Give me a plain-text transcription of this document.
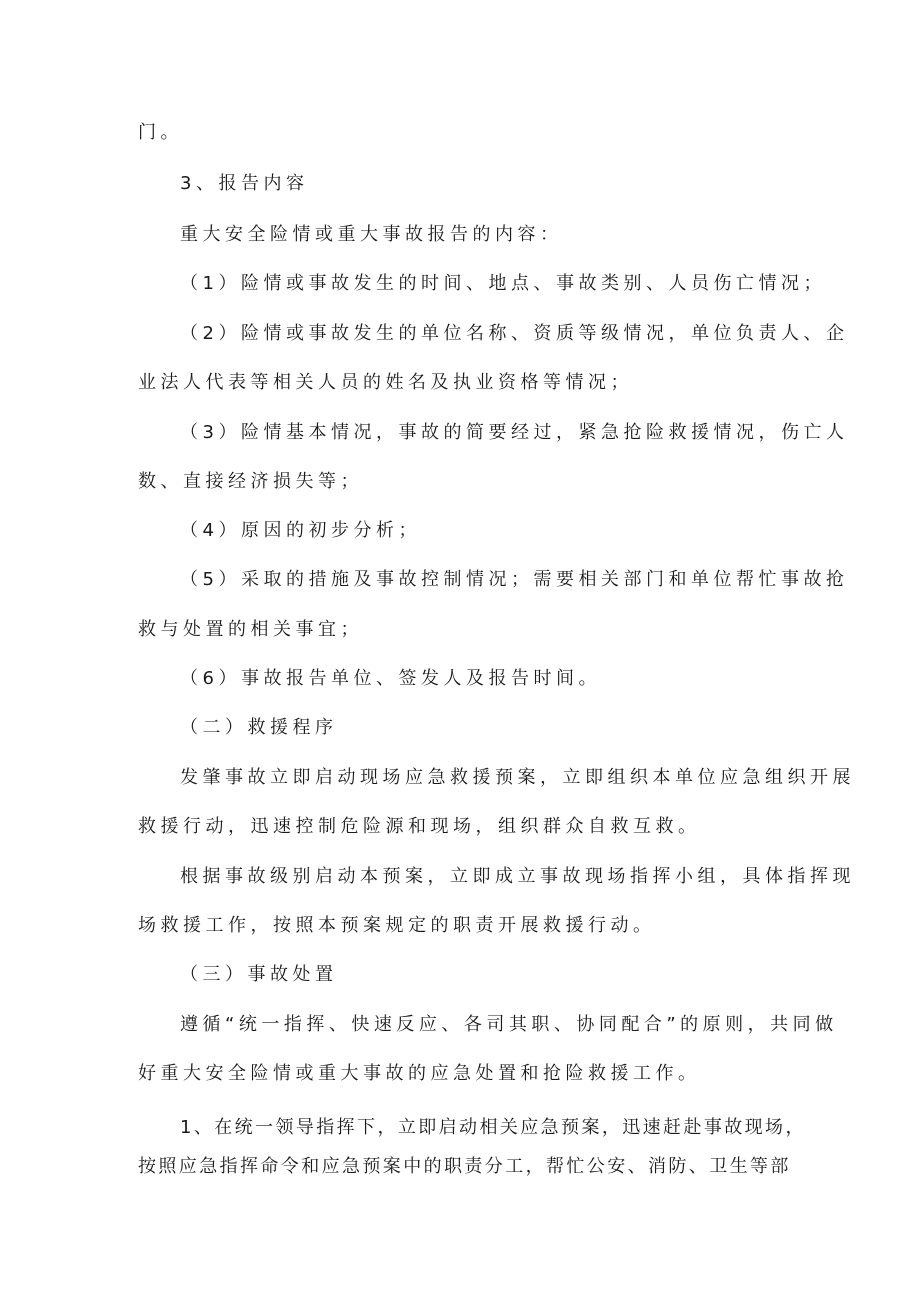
门。
3、报告内容
重大安全险情或重大事故报告的内容：
（1）险情或事故发生的时间、地点、事故类别、人员伤亡情况；
（2）险情或事故发生的单位名称、资质等级情况，单位负责人、企
业法人代表等相关人员的姓名及执业资格等情况；
（3）险情基本情况，事故的简要经过，紧急抢险救援情况，伤亡人
数、直接经济损失等；
（4）原因的初步分析；
（5）采取的措施及事故控制情况；需要相关部门和单位帮忙事故抢
救与处置的相关事宜；
（6）事故报告单位、签发人及报告时间。
（二）救援程序
发肇事故立即启动现场应急救援预案，立即组织本单位应急组织开展
救援行动，迅速控制危险源和现场，组织群众自救互救。
根据事故级别启动本预案，立即成立事故现场指挥小组，具体指挥现
场救援工作，按照本预案规定的职责开展救援行动。
（三）事故处置
遵循“统一指挥、快速反应、各司其职、协同配合”的原则，共同做
好重大安全险情或重大事故的应急处置和抢险救援工作。
1、在统一领导指挥下，立即启动相关应急预案，迅速赶赴事故现场，
按照应急指挥命令和应急预案中的职责分工，帮忙公安、消防、卫生等部
